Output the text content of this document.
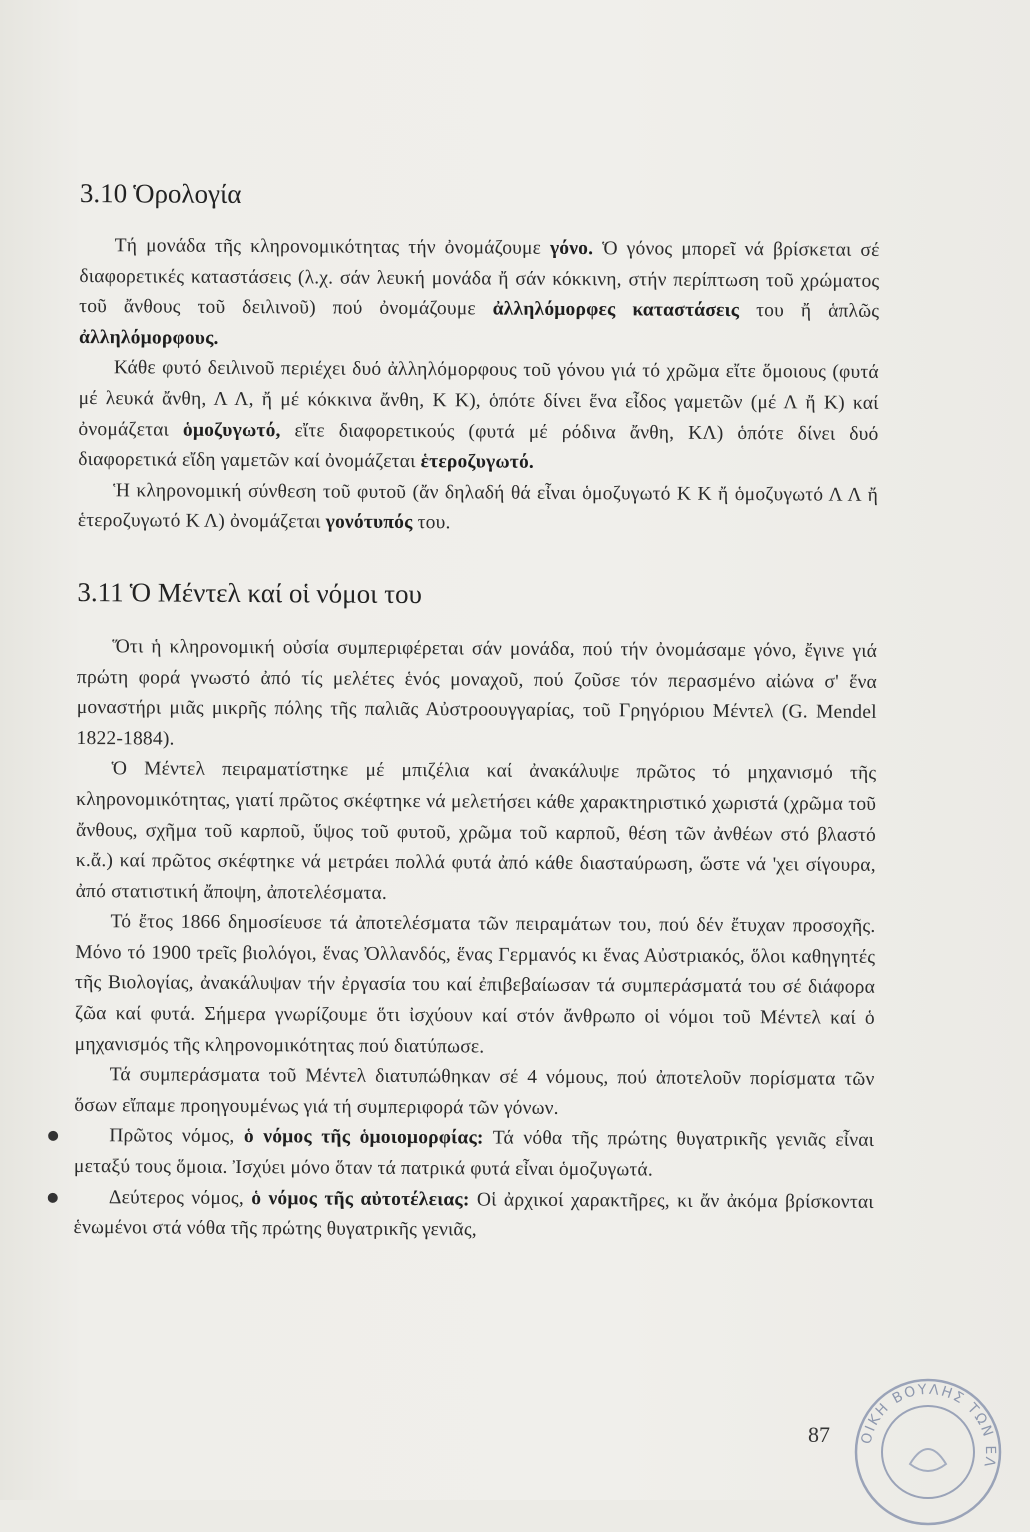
3.10 Ὁρολογία

Τή μονάδα τῆς κληρονομικότητας τήν ὀνομάζουμε γόνο. Ὁ γόνος μπορεῖ νά βρίσκεται σέ διαφορετικές καταστάσεις (λ.χ. σάν λευκή μονάδα ἤ σάν κόκκινη, στήν περίπτωση τοῦ χρώματος τοῦ ἄνθους τοῦ δειλινοῦ) πού ὀνομάζουμε ἀλληλόμορφες καταστάσεις του ἤ ἁπλῶς ἀλληλόμορφους.

Κάθε φυτό δειλινοῦ περιέχει δυό ἀλληλόμορφους τοῦ γόνου γιά τό χρῶμα εἴτε ὅμοιους (φυτά μέ λευκά ἄνθη, Λ Λ, ἤ μέ κόκκινα ἄνθη, Κ Κ), ὁπότε δίνει ἕνα εἶδος γαμετῶν (μέ Λ ἤ Κ) καί ὀνομάζεται ὁμοζυγωτό, εἴτε διαφορετικούς (φυτά μέ ρόδινα ἄνθη, ΚΛ) ὁπότε δίνει δυό διαφορετικά εἴδη γαμετῶν καί ὀνομάζεται ἑτεροζυγωτό.

Ἡ κληρονομική σύνθεση τοῦ φυτοῦ (ἄν δηλαδή θά εἶναι ὁμοζυγωτό Κ Κ ἤ ὁμοζυγωτό Λ Λ ἤ ἑτεροζυγωτό Κ Λ) ὀνομάζεται γονότυπός του.

3.11 Ὁ Μέντελ καί οἱ νόμοι του

Ὅτι ἡ κληρονομική οὐσία συμπεριφέρεται σάν μονάδα, πού τήν ὀνομάσαμε γόνο, ἔγινε γιά πρώτη φορά γνωστό ἀπό τίς μελέτες ἑνός μοναχοῦ, πού ζοῦσε τόν περασμένο αἰώνα σ' ἕνα μοναστήρι μιᾶς μικρῆς πόλης τῆς παλιᾶς Αὐστροουγγαρίας, τοῦ Γρηγόριου Μέντελ (G. Mendel 1822-1884).

Ὁ Μέντελ πειραματίστηκε μέ μπιζέλια καί ἀνακάλυψε πρῶτος τό μηχανισμό τῆς κληρονομικότητας, γιατί πρῶτος σκέφτηκε νά μελετήσει κάθε χαρακτηριστικό χωριστά (χρῶμα τοῦ ἄνθους, σχῆμα τοῦ καρποῦ, ὕψος τοῦ φυτοῦ, χρῶμα τοῦ καρποῦ, θέση τῶν ἀνθέων στό βλαστό κ.ἄ.) καί πρῶτος σκέφτηκε νά μετράει πολλά φυτά ἀπό κάθε διασταύρωση, ὥστε νά 'χει σίγουρα, ἀπό στατιστική ἄποψη, ἀποτελέσματα.

Τό ἔτος 1866 δημοσίευσε τά ἀποτελέσματα τῶν πειραμάτων του, πού δέν ἔτυχαν προσοχῆς. Μόνο τό 1900 τρεῖς βιολόγοι, ἕνας Ὀλλανδός, ἕνας Γερμανός κι ἕνας Αὐστριακός, ὅλοι καθηγητές τῆς Βιολογίας, ἀνακάλυψαν τήν ἐργασία του καί ἐπιβεβαίωσαν τά συμπεράσματά του σέ διάφορα ζῶα καί φυτά. Σήμερα γνωρίζουμε ὅτι ἰσχύουν καί στόν ἄνθρωπο οἱ νόμοι τοῦ Μέντελ καί ὁ μηχανισμός τῆς κληρονομικότητας πού διατύπωσε.

Τά συμπεράσματα τοῦ Μέντελ διατυπώθηκαν σέ 4 νόμους, πού ἀποτελοῦν πορίσματα τῶν ὅσων εἴπαμε προηγουμένως γιά τή συμπεριφορά τῶν γόνων.

Πρῶτος νόμος, ὁ νόμος τῆς ὁμοιομορφίας: Τά νόθα τῆς πρώτης θυγατρικῆς γενιᾶς εἶναι μεταξύ τους ὅμοια. Ἰσχύει μόνο ὅταν τά πατρικά φυτά εἶναι ὁμοζυγωτά.

Δεύτερος νόμος, ὁ νόμος τῆς αὐτοτέλειας: Οἱ ἀρχικοί χαρακτῆρες, κι ἄν ἀκόμα βρίσκονται ἑνωμένοι στά νόθα τῆς πρώτης θυγατρικῆς γενιᾶς,

87 ΟΙΚΗ ΒΟΥΛΗΣ ΤΩΝ ΕΛ
